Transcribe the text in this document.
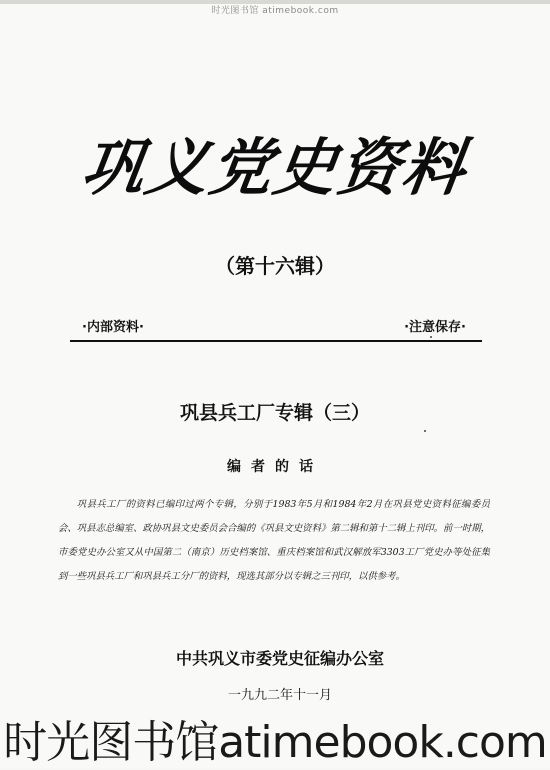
时光图书馆 atimebook.com
巩义党史资料
（第十六辑）
·内部资料·	·注意保存·
巩县兵工厂专辑（三）
编者的话
巩县兵工厂的资料已编印过两个专辑，分别于1983年5月和1984年2月在巩县党史资料征编委员会、巩县志总编室、政协巩县文史委员会合编的《巩县文史资料》第二辑和第十二辑上刊印。前一时期，市委党史办公室又从中国第二（南京）历史档案馆、重庆档案馆和武汉解放军3303工厂党史办等处征集到一些巩县兵工厂和巩县兵工分厂的资料，现选其部分以专辑之三刊印，以供参考。
中共巩义市委党史征编办公室
一九九二年十一月
时光图书馆atimebook.com
